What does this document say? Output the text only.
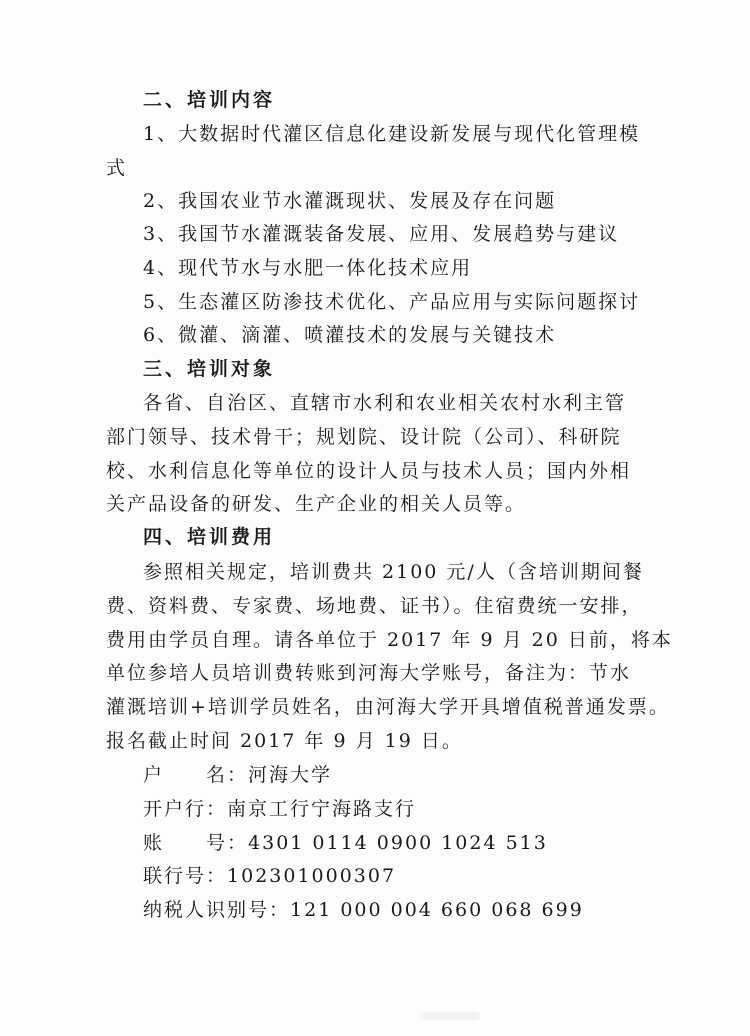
二、培训内容
1、大数据时代灌区信息化建设新发展与现代化管理模
式
2、我国农业节水灌溉现状、发展及存在问题
3、我国节水灌溉装备发展、应用、发展趋势与建议
4、现代节水与水肥一体化技术应用
5、生态灌区防渗技术优化、产品应用与实际问题探讨
6、微灌、滴灌、喷灌技术的发展与关键技术
三、培训对象
各省、自治区、直辖市水利和农业相关农村水利主管
部门领导、技术骨干；规划院、设计院（公司）、科研院
校、水利信息化等单位的设计人员与技术人员；国内外相
关产品设备的研发、生产企业的相关人员等。
四、培训费用
参照相关规定，培训费共 2100 元/人（含培训期间餐
费、资料费、专家费、场地费、证书）。住宿费统一安排，
费用由学员自理。请各单位于 2017 年 9 月 20 日前，将本
单位参培人员培训费转账到河海大学账号，备注为：节水
灌溉培训+培训学员姓名，由河海大学开具增值税普通发票。
报名截止时间 2017 年 9 月 19 日。
户　　名：河海大学
开户行：南京工行宁海路支行
账　　号：4301 0114 0900 1024 513
联行号：102301000307
纳税人识别号：121 000 004 660 068 699
